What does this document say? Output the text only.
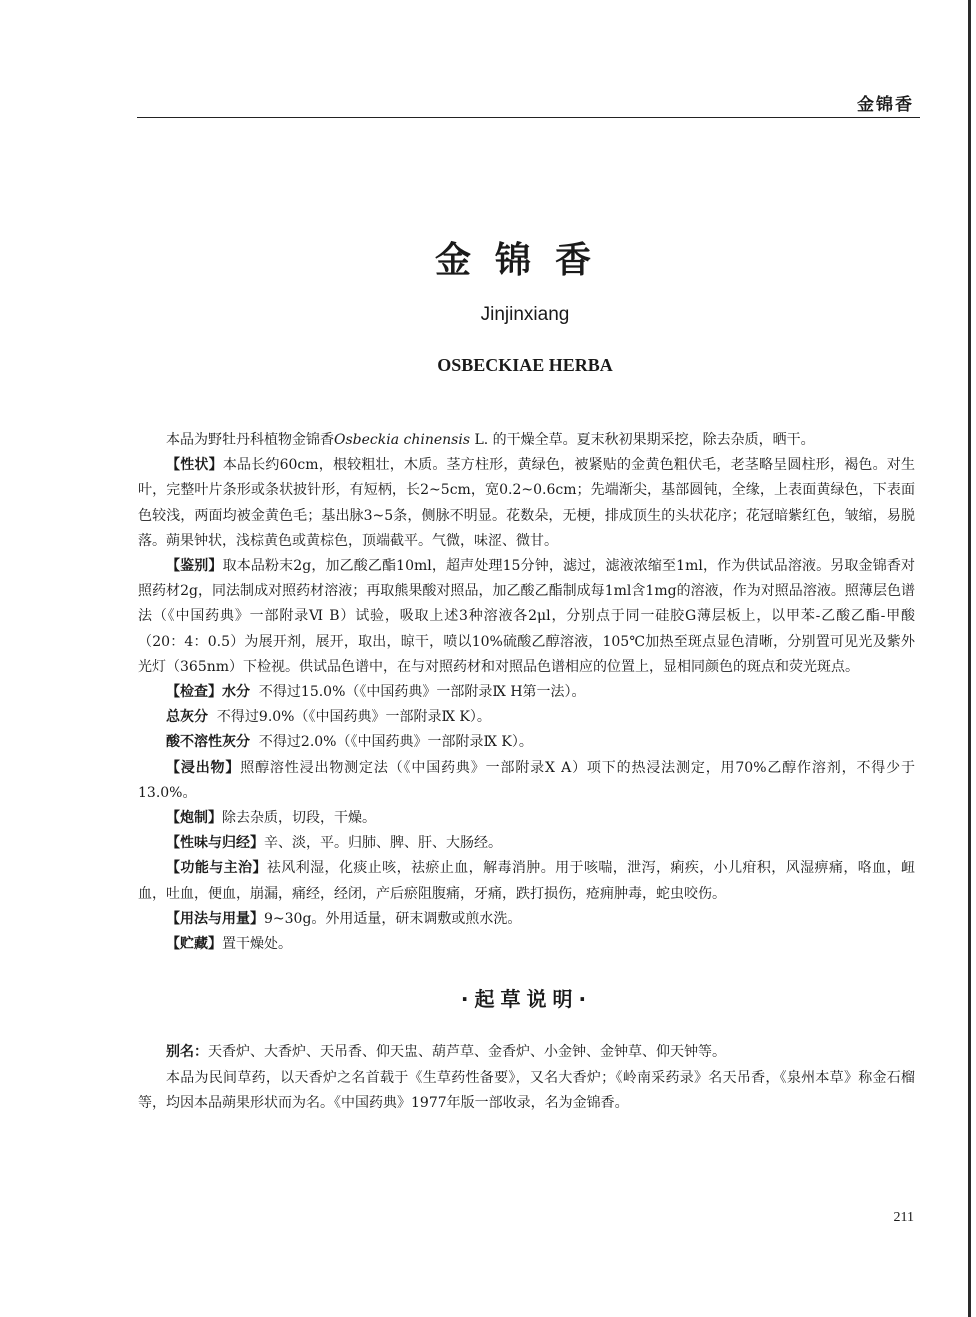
金锦香
金锦香
Jinjinxiang
OSBECKIAE HERBA

本品为野牡丹科植物金锦香Osbeckia chinensis L. 的干燥全草。夏末秋初果期采挖，除去杂质，晒干。

【性状】本品长约60cm，根较粗壮，木质。茎方柱形，黄绿色，被紧贴的金黄色粗伏毛，老茎略呈圆柱形，褐色。对生叶，完整叶片条形或条状披针形，有短柄，长2~5cm，宽0.2~0.6cm；先端渐尖，基部圆钝，全缘，上表面黄绿色，下表面色较浅，两面均被金黄色毛；基出脉3~5条，侧脉不明显。花数朵，无梗，排成顶生的头状花序；花冠暗紫红色，皱缩，易脱落。蒴果钟状，浅棕黄色或黄棕色，顶端截平。气微，味涩、微甘。

【鉴别】取本品粉末2g，加乙酸乙酯10ml，超声处理15分钟，滤过，滤液浓缩至1ml，作为供试品溶液。另取金锦香对照药材2g，同法制成对照药材溶液；再取熊果酸对照品，加乙酸乙酯制成每1ml含1mg的溶液，作为对照品溶液。照薄层色谱法（《中国药典》一部附录Ⅵ B）试验，吸取上述3种溶液各2μl，分别点于同一硅胶G薄层板上，以甲苯-乙酸乙酯-甲酸（20：4：0.5）为展开剂，展开，取出，晾干，喷以10%硫酸乙醇溶液，105℃加热至斑点显色清晰，分别置可见光及紫外光灯（365nm）下检视。供试品色谱中，在与对照药材和对照品色谱相应的位置上，显相同颜色的斑点和荧光斑点。

【检查】水分 不得过15.0%（《中国药典》一部附录Ⅸ H第一法）。

总灰分 不得过9.0%（《中国药典》一部附录Ⅸ K）。

酸不溶性灰分 不得过2.0%（《中国药典》一部附录Ⅸ K）。

【浸出物】照醇溶性浸出物测定法（《中国药典》一部附录Ⅹ A）项下的热浸法测定，用70%乙醇作溶剂，不得少于13.0%。

【炮制】除去杂质，切段，干燥。

【性味与归经】辛、淡，平。归肺、脾、肝、大肠经。

【功能与主治】祛风利湿，化痰止咳，祛瘀止血，解毒消肿。用于咳喘，泄泻，痢疾，小儿疳积，风湿痹痛，咯血，衄血，吐血，便血，崩漏，痛经，经闭，产后瘀阻腹痛，牙痛，跌打损伤，疮痈肿毒，蛇虫咬伤。

【用法与用量】9~30g。外用适量，研末调敷或煎水洗。

【贮藏】置干燥处。

·起草说明·

别名：天香炉、大香炉、天吊香、仰天盅、葫芦草、金香炉、小金钟、金钟草、仰天钟等。

本品为民间草药，以天香炉之名首载于《生草药性备要》，又名大香炉；《岭南采药录》名天吊香，《泉州本草》称金石榴等，均因本品蒴果形状而为名。《中国药典》1977年版一部收录，名为金锦香。

211
